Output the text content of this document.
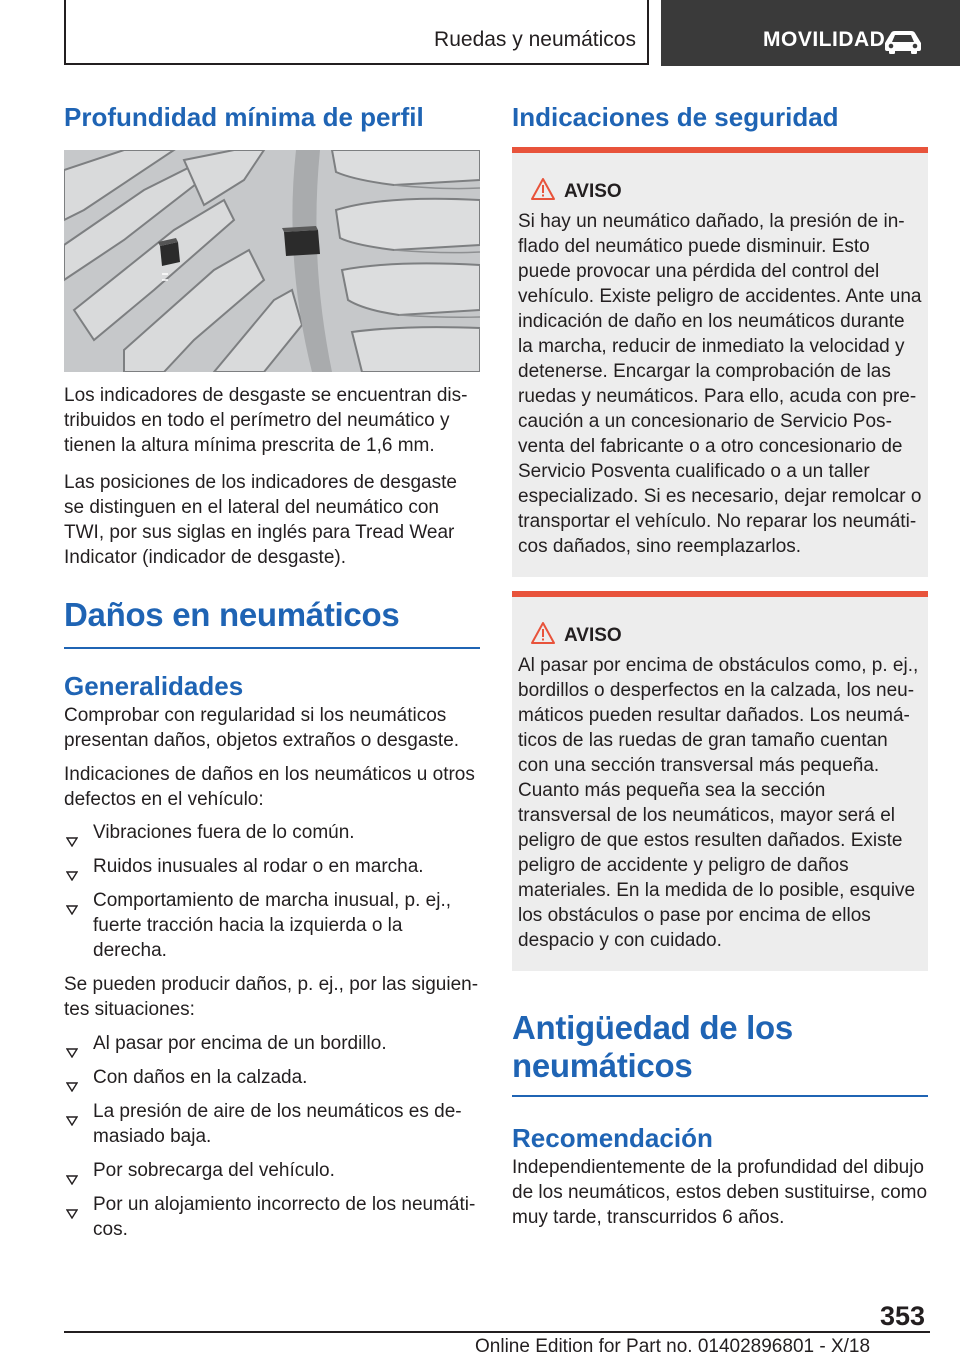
Ruedas y neumáticos	MOVILIDAD
Profundidad mínima de perfil

Los indicadores de desgaste se encuentran distribuidos en todo el perímetro del neumático y tienen la altura mínima prescrita de 1,6 mm.

Las posiciones de los indicadores de desgaste se distinguen en el lateral del neumático con TWI, por sus siglas en inglés para Tread Wear Indicator (indicador de desgaste).

Daños en neumáticos
Generalidades

Comprobar con regularidad si los neumáticos presentan daños, objetos extraños o desgaste.

Indicaciones de daños en los neumáticos u otros defectos en el vehículo:

Vibraciones fuera de lo común.
Ruidos inusuales al rodar o en marcha.
Comportamiento de marcha inusual, p. ej., fuerte tracción hacia la izquierda o la derecha.

Se pueden producir daños, p. ej., por las siguientes situaciones:

Al pasar por encima de un bordillo.
Con daños en la calzada.
La presión de aire de los neumáticos es demasiado baja.
Por sobrecarga del vehículo.
Por un alojamiento incorrecto de los neumáticos.
Indicaciones de seguridad
AVISO

Si hay un neumático dañado, la presión de inflado del neumático puede disminuir. Esto puede provocar una pérdida del control del vehículo. Existe peligro de accidentes. Ante una indicación de daño en los neumáticos durante la marcha, reducir de inmediato la velocidad y detenerse. Encargar la comprobación de las ruedas y neumáticos. Para ello, acuda con precaución a un concesionario de Servicio Posventa del fabricante o a otro concesionario de Servicio Posventa cualificado o a un taller especializado. Si es necesario, dejar remolcar o transportar el vehículo. No reparar los neumáticos dañados, sino reemplazarlos.

AVISO

Al pasar por encima de obstáculos como, p. ej., bordillos o desperfectos en la calzada, los neumáticos pueden resultar dañados. Los neumáticos de las ruedas de gran tamaño cuentan con una sección transversal más pequeña. Cuanto más pequeña sea la sección transversal de los neumáticos, mayor será el peligro de que estos resulten dañados. Existe peligro de accidente y peligro de daños materiales. En la medida de lo posible, esquive los obstáculos o pase por encima de ellos despacio y con cuidado.

Antigüedad de los neumáticos
Recomendación

Independientemente de la profundidad del dibujo de los neumáticos, estos deben sustituirse, como muy tarde, transcurridos 6 años.

353
Online Edition for Part no. 01402896801 - X/18
